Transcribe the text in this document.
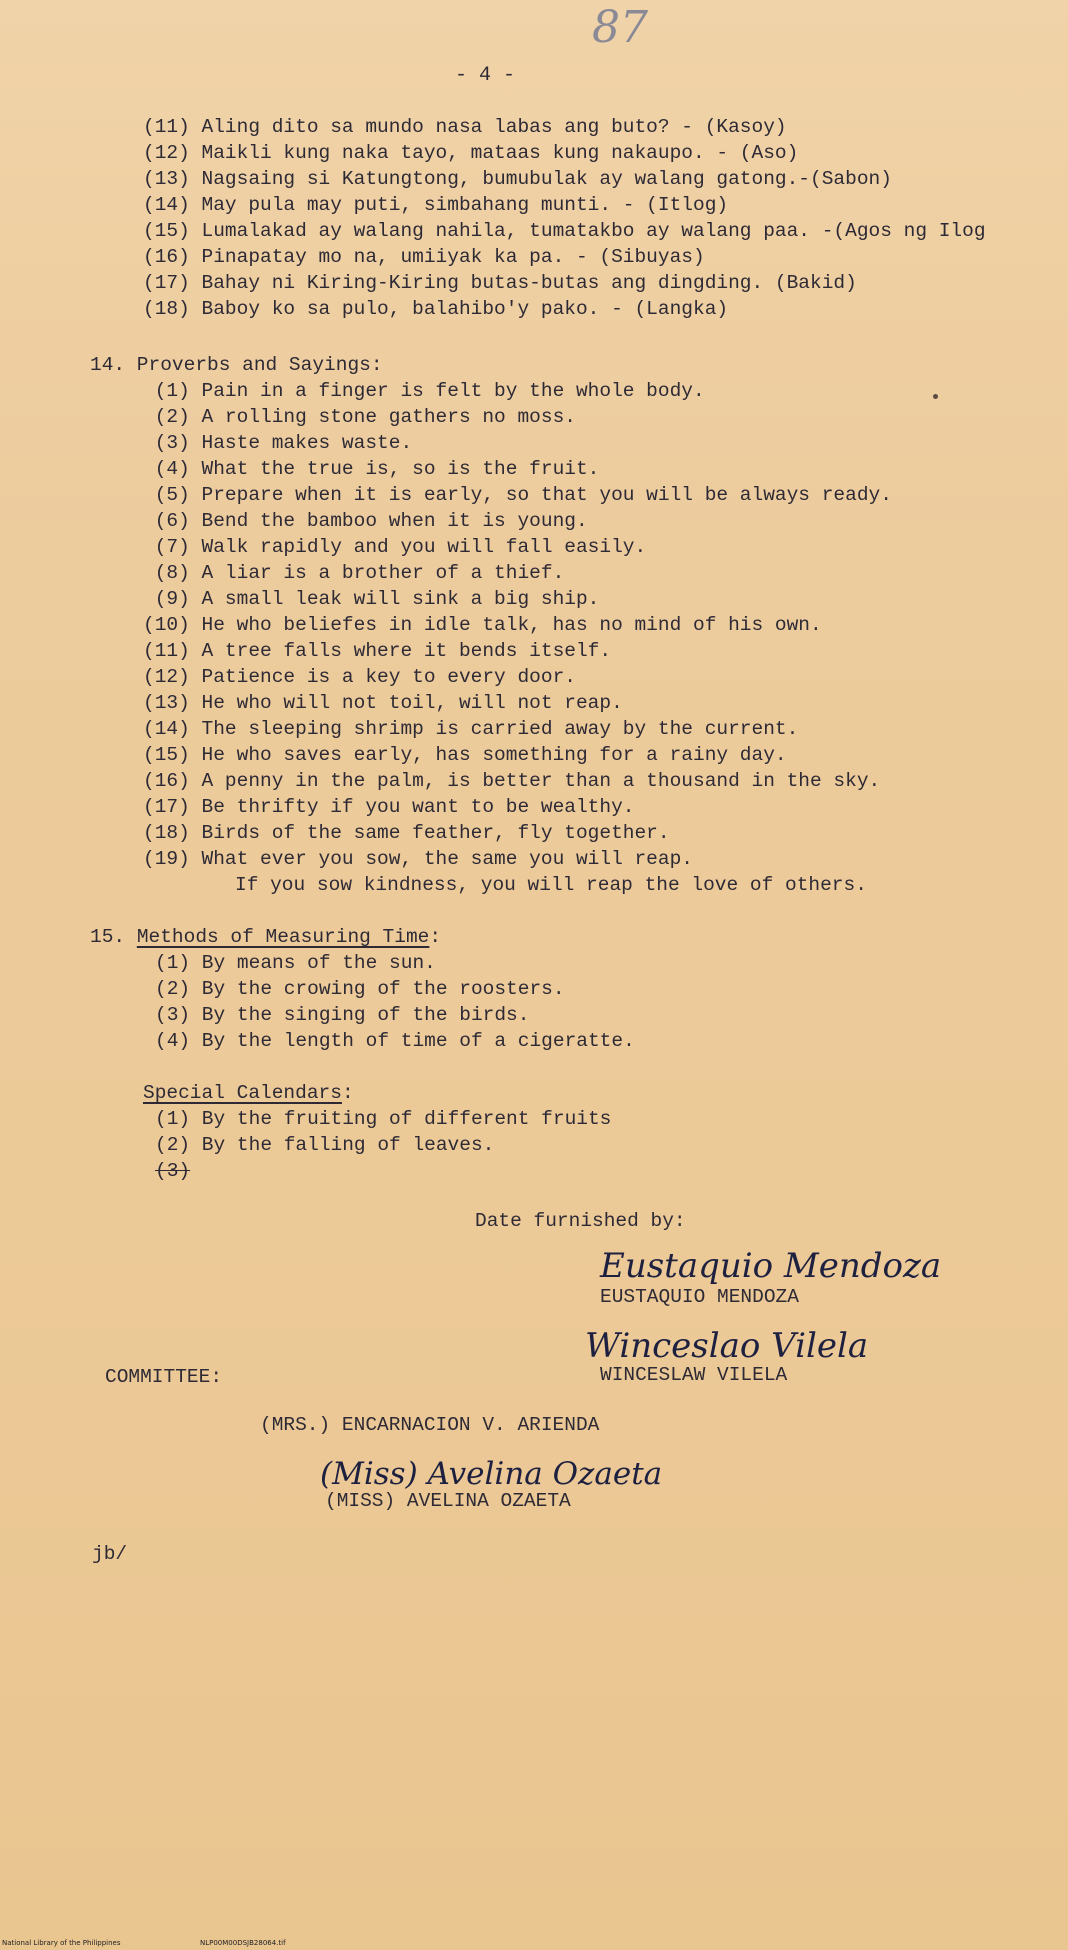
87
- 4 -
(11) Aling dito sa mundo nasa labas ang buto? - (Kasoy)
(12) Maikli kung naka tayo, mataas kung nakaupo. - (Aso)
(13) Nagsaing si Katungtong, bumubulak ay walang gatong.-(Sabon)
(14) May pula may puti, simbahang munti. - (Itlog)
(15) Lumalakad ay walang nahila, tumatakbo ay walang paa. -(Agos ng Ilog
(16) Pinapatay mo na, umiiyak ka pa. - (Sibuyas)
(17) Bahay ni Kiring-Kiring butas-butas ang dingding. (Bakid)
(18) Baboy ko sa pulo, balahibo'y pako. - (Langka)
14. Proverbs and Sayings:
(1) Pain in a finger is felt by the whole body.
(2) A rolling stone gathers no moss.
(3) Haste makes waste.
(4) What the true is, so is the fruit.
(5) Prepare when it is early, so that you will be always ready.
(6) Bend the bamboo when it is young.
(7) Walk rapidly and you will fall easily.
(8) A liar is a brother of a thief.
(9) A small leak will sink a big ship.
(10) He who beliefes in idle talk, has no mind of his own.
(11) A tree falls where it bends itself.
(12) Patience is a key to every door.
(13) He who will not toil, will not reap.
(14) The sleeping shrimp is carried away by the current.
(15) He who saves early, has something for a rainy day.
(16) A penny in the palm, is better than a thousand in the sky.
(17) Be thrifty if you want to be wealthy.
(18) Birds of the same feather, fly together.
(19) What ever you sow, the same you will reap.
If you sow kindness, you will reap the love of others.
15. Methods of Measuring Time:
(1) By means of the sun.
(2) By the crowing of the roosters.
(3) By the singing of the birds.
(4) By the length of time of a cigeratte.
Special Calendars:
(1) By the fruiting of different fruits
(2) By the falling of leaves.
(3)
Date furnished by:
Eustaquio Mendoza
EUSTAQUIO MENDOZA
Winceslao Vilela
WINCESLAW VILELA
COMMITTEE:
(MRS.) ENCARNACION V. ARIENDA
(Miss) Avelina Ozaeta
(MISS) AVELINA OZAETA
jb/
National Library of the Philippines	NLP00M00DSJB28064.tif
